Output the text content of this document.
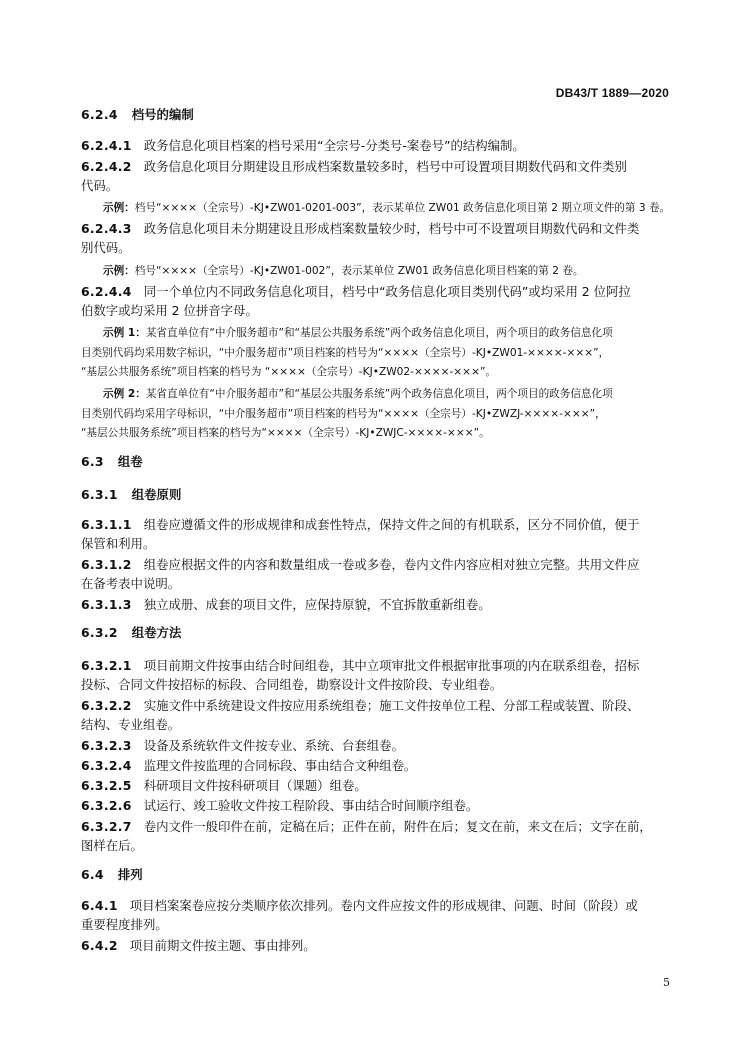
DB43/T 1889—2020
6.2.4 档号的编制
6.2.4.1 政务信息化项目档案的档号采用“全宗号-分类号-案卷号”的结构编制。
6.2.4.2 政务信息化项目分期建设且形成档案数量较多时，档号中可设置项目期数代码和文件类别
代码。
示例：档号“××××（全宗号）-KJ•ZW01-0201-003”，表示某单位 ZW01 政务信息化项目第 2 期立项文件的第 3 卷。
6.2.4.3 政务信息化项目未分期建设且形成档案数量较少时，档号中可不设置项目期数代码和文件类
别代码。
示例：档号“××××（全宗号）-KJ•ZW01-002”，表示某单位 ZW01 政务信息化项目档案的第 2 卷。
6.2.4.4 同一个单位内不同政务信息化项目，档号中“政务信息化项目类别代码”或均采用 2 位阿拉
伯数字或均采用 2 位拼音字母。
示例 1：某省直单位有“中介服务超市”和“基层公共服务系统”两个政务信息化项目，两个项目的政务信息化项
目类别代码均采用数字标识，“中介服务超市”项目档案的档号为“××××（全宗号）-KJ•ZW01-××××-×××”，
“基层公共服务系统”项目档案的档号为 “××××（全宗号）-KJ•ZW02-××××-×××”。
示例 2：某省直单位有“中介服务超市”和“基层公共服务系统”两个政务信息化项目，两个项目的政务信息化项
目类别代码均采用字母标识，“中介服务超市”项目档案的档号为“××××（全宗号）-KJ•ZWZJ-××××-×××”，
“基层公共服务系统”项目档案的档号为“××××（全宗号）-KJ•ZWJC-××××-×××”。
6.3 组卷
6.3.1 组卷原则
6.3.1.1 组卷应遵循文件的形成规律和成套性特点，保持文件之间的有机联系，区分不同价值，便于
保管和利用。
6.3.1.2 组卷应根据文件的内容和数量组成一卷或多卷，卷内文件内容应相对独立完整。共用文件应
在备考表中说明。
6.3.1.3 独立成册、成套的项目文件，应保持原貌，不宜拆散重新组卷。
6.3.2 组卷方法
6.3.2.1 项目前期文件按事由结合时间组卷，其中立项审批文件根据审批事项的内在联系组卷，招标
投标、合同文件按招标的标段、合同组卷，勘察设计文件按阶段、专业组卷。
6.3.2.2 实施文件中系统建设文件按应用系统组卷；施工文件按单位工程、分部工程或装置、阶段、
结构、专业组卷。
6.3.2.3 设备及系统软件文件按专业、系统、台套组卷。
6.3.2.4 监理文件按监理的合同标段、事由结合文种组卷。
6.3.2.5 科研项目文件按科研项目（课题）组卷。
6.3.2.6 试运行、竣工验收文件按工程阶段、事由结合时间顺序组卷。
6.3.2.7 卷内文件一般印件在前，定稿在后；正件在前，附件在后；复文在前，来文在后；文字在前，
图样在后。
6.4 排列
6.4.1 项目档案案卷应按分类顺序依次排列。卷内文件应按文件的形成规律、问题、时间（阶段）或
重要程度排列。
6.4.2 项目前期文件按主题、事由排列。
5
